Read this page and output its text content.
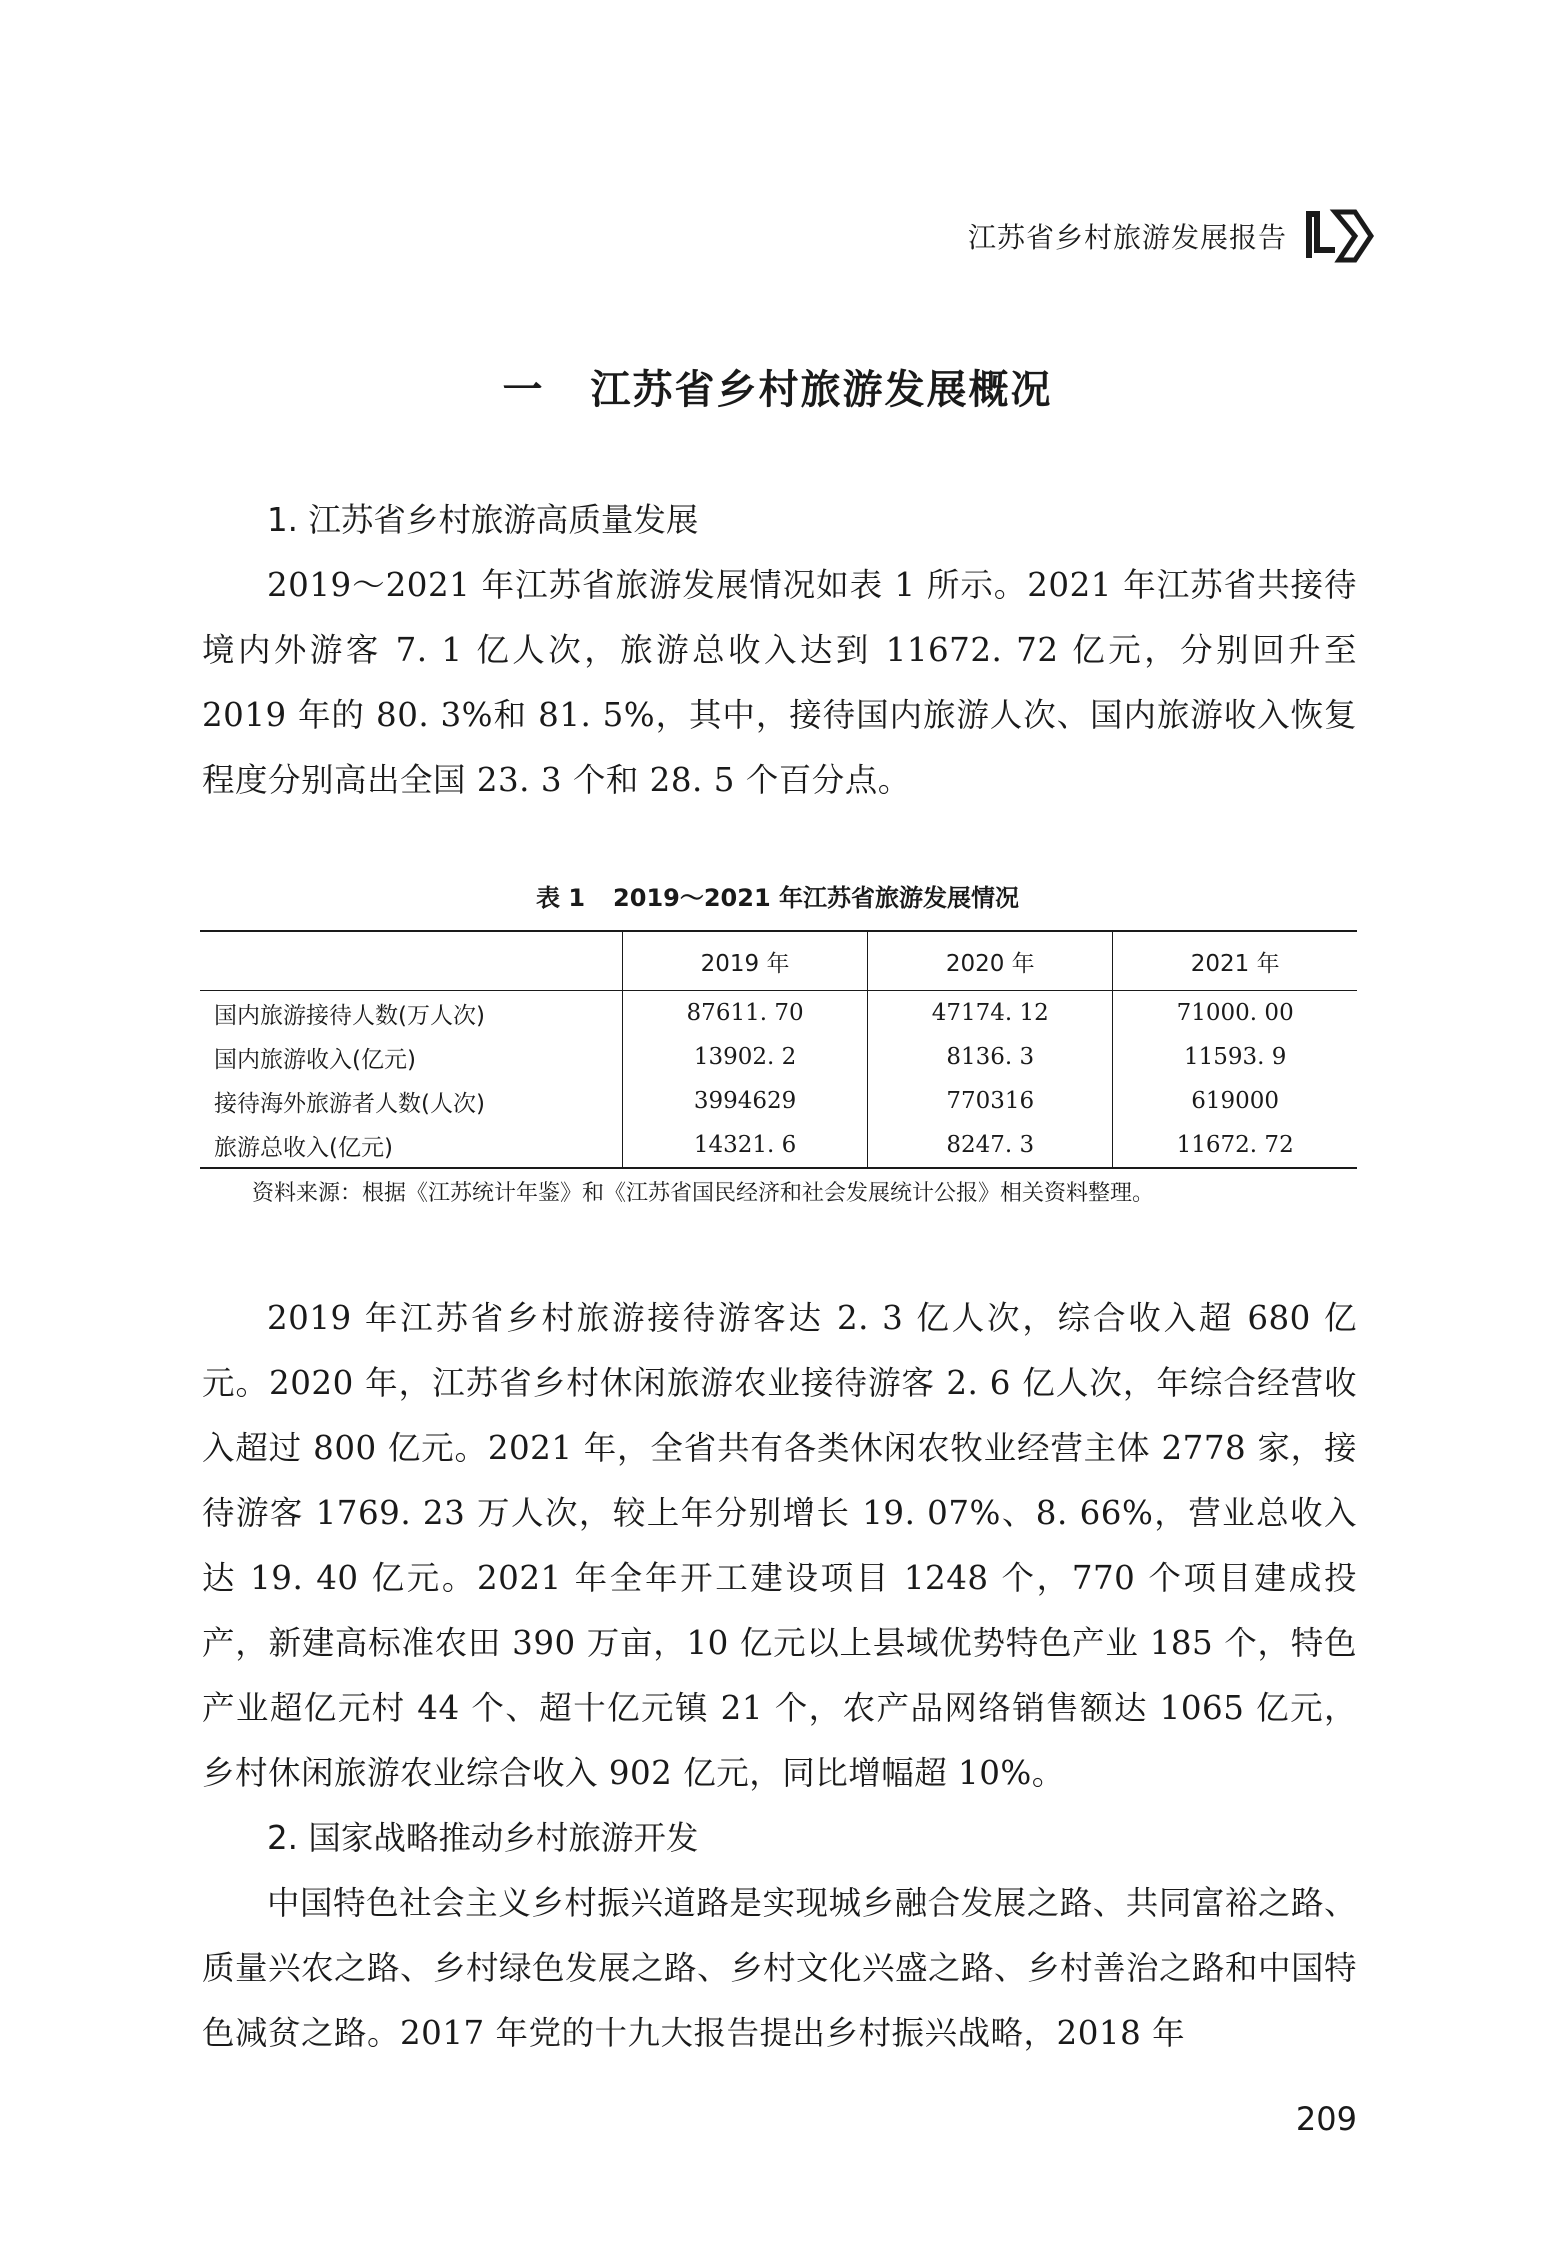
江苏省乡村旅游发展报告
一 江苏省乡村旅游发展概况

1. 江苏省乡村旅游高质量发展

2019～2021 年江苏省旅游发展情况如表 1 所示。2021 年江苏省共接待境内外游客 7. 1 亿人次，旅游总收入达到 11672. 72 亿元，分别回升至 2019 年的 80. 3%和 81. 5%，其中，接待国内旅游人次、国内旅游收入恢复程度分别高出全国 23. 3 个和 28. 5 个百分点。

表 1 2019～2021 年江苏省旅游发展情况
	2019 年	2020 年	2021 年
国内旅游接待人数(万人次)	87611. 70	47174. 12	71000. 00
国内旅游收入(亿元)	13902. 2	8136. 3	11593. 9
接待海外旅游者人数(人次)	3994629	770316	619000
旅游总收入(亿元)	14321. 6	8247. 3	11672. 72
资料来源：根据《江苏统计年鉴》和《江苏省国民经济和社会发展统计公报》相关资料整理。

2019 年江苏省乡村旅游接待游客达 2. 3 亿人次，综合收入超 680 亿元。2020 年，江苏省乡村休闲旅游农业接待游客 2. 6 亿人次，年综合经营收入超过 800 亿元。2021 年，全省共有各类休闲农牧业经营主体 2778 家，接待游客 1769. 23 万人次，较上年分别增长 19. 07%、8. 66%，营业总收入达 19. 40 亿元。2021 年全年开工建设项目 1248 个，770 个项目建成投产，新建高标准农田 390 万亩，10 亿元以上县域优势特色产业 185 个，特色产业超亿元村 44 个、超十亿元镇 21 个，农产品网络销售额达 1065 亿元，乡村休闲旅游农业综合收入 902 亿元，同比增幅超 10%。

2. 国家战略推动乡村旅游开发

中国特色社会主义乡村振兴道路是实现城乡融合发展之路、共同富裕之路、质量兴农之路、乡村绿色发展之路、乡村文化兴盛之路、乡村善治之路和中国特色减贫之路。2017 年党的十九大报告提出乡村振兴战略，2018 年

209
